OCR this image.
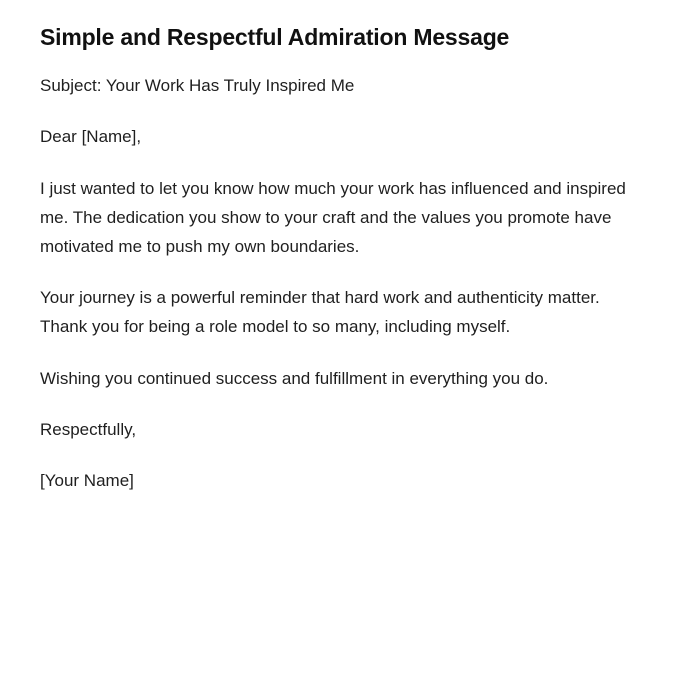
Simple and Respectful Admiration Message

Subject: Your Work Has Truly Inspired Me

Dear [Name],

I just wanted to let you know how much your work has influenced and inspired me. The dedication you show to your craft and the values you promote have motivated me to push my own boundaries.

Your journey is a powerful reminder that hard work and authenticity matter. Thank you for being a role model to so many, including myself.

Wishing you continued success and fulfillment in everything you do.

Respectfully,

[Your Name]
